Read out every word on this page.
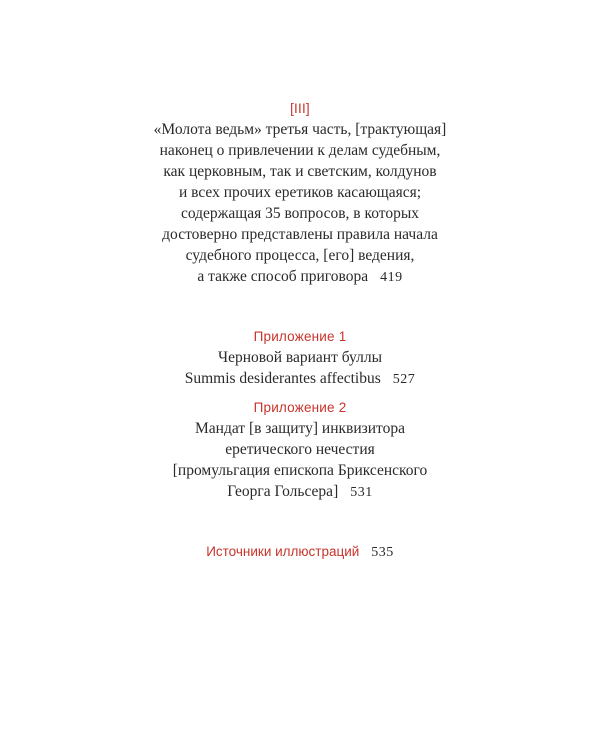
[III]
«Молота ведьм» третья часть, [трактующая]
наконец о привлечении к делам судебным,
как церковным, так и светским, колдунов
и всех прочих еретиков касающаяся;
содержащая 35 вопросов, в которых
достоверно представлены правила начала
судебного процесса, [его] ведения,
а также способ приговора 419
Приложение 1
Черновой вариант буллы
Summis desiderantes affectibus 527
Приложение 2
Мандат [в защиту] инквизитора
еретического нечестия
[промульгация епископа Бриксенского
Георга Гольсера] 531
Источники иллюстраций 535
